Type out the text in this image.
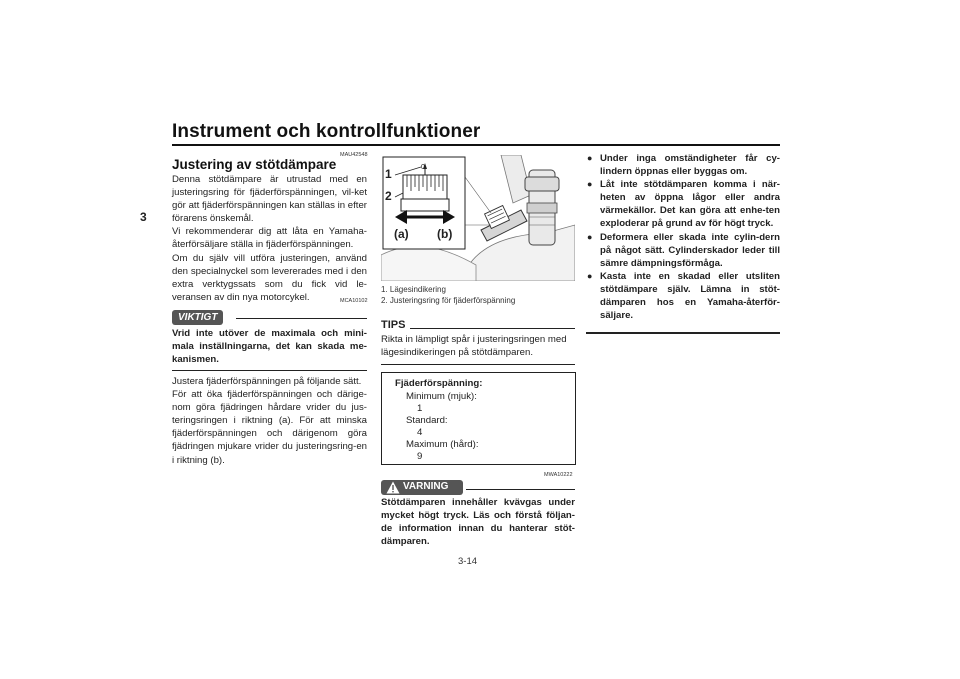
Instrument och kontrollfunktioner
3
MAU42548
Justering av stötdämpare
Denna stötdämpare är utrustad med en justeringsring för fjäderförspänningen, vil-ket gör att fjäderförspänningen kan ställas in efter förarens önskemål.
Vi rekommenderar dig att låta en Yamaha-återförsäljare ställa in fjäderförspänningen.
Om du själv vill utföra justeringen, använd den specialnyckel som levererades med i den extra verktygssats som du fick vid le-veransen av din nya motorcykel.	MCA10102
VIKTIGT
Vrid inte utöver de maximala och mini-mala inställningarna, det kan skada me-kanismen.
Justera fjäderförspänningen på följande sätt.
För att öka fjäderförspänningen och därige-nom göra fjädringen hårdare vrider du jus-teringsringen i riktning (a). För att minska fjäderförspänningen och därigenom göra fjädringen mjukare vrider du justeringsring-en i riktning (b).
1
2
0
(a) (b)
1. Lägesindikering
2. Justeringsring för fjäderförspänning
TIPS
Rikta in lämpligt spår i justeringsringen med lägesindikeringen på stötdämparen.
Fjäderförspänning:
Minimum (mjuk):
1
Standard:
4
Maximum (hård):
9
MWA10222
VARNING
Stötdämparen innehåller kvävgas under mycket högt tryck. Läs och förstå följan-de information innan du hanterar stöt-dämparen.
● Under inga omständigheter får cy-lindern öppnas eller byggas om.
● Låt inte stötdämparen komma i när-heten av öppna lågor eller andra värmekällor. Det kan göra att enhe-ten exploderar på grund av för högt tryck.
● Deformera eller skada inte cylin-dern på något sätt. Cylinderskador leder till sämre dämpningsförmåga.
● Kasta inte en skadad eller utsliten stötdämpare själv. Lämna in stöt-dämparen hos en Yamaha-återför-säljare.
3-14
